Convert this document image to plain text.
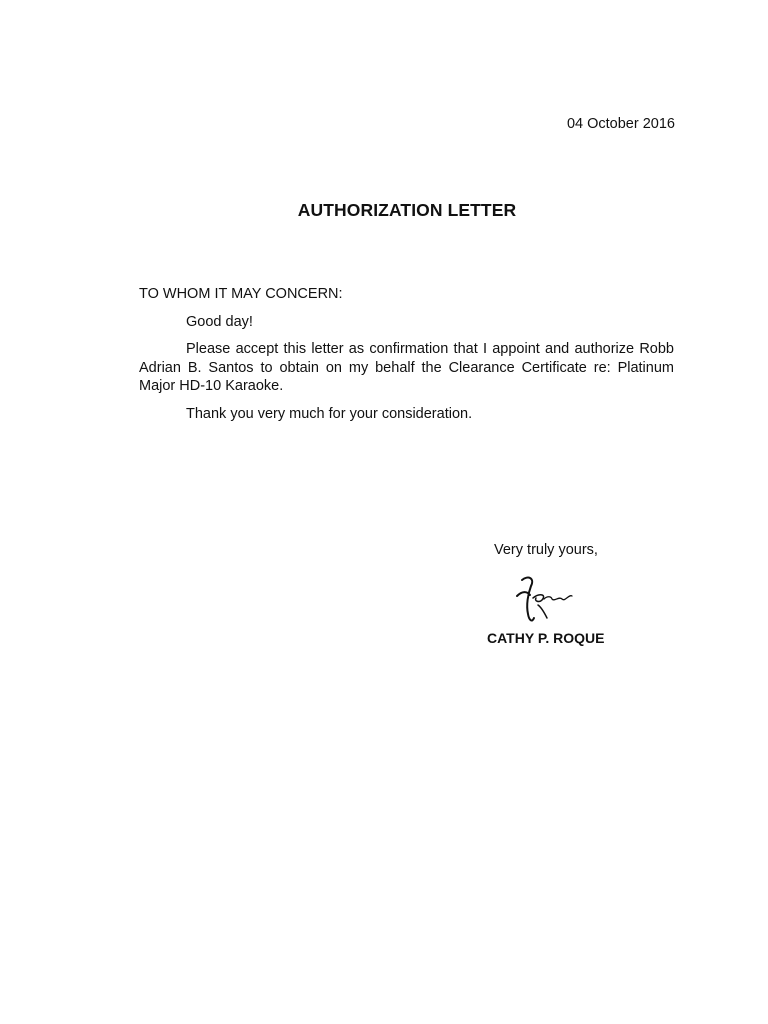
04 October 2016
AUTHORIZATION LETTER
TO WHOM IT MAY CONCERN:

Good day!

Please accept this letter as confirmation that I appoint and authorize Robb Adrian B. Santos to obtain on my behalf the Clearance Certificate re: Platinum Major HD-10 Karaoke.

Thank you very much for your consideration.

Very truly yours,
CATHY P. ROQUE
